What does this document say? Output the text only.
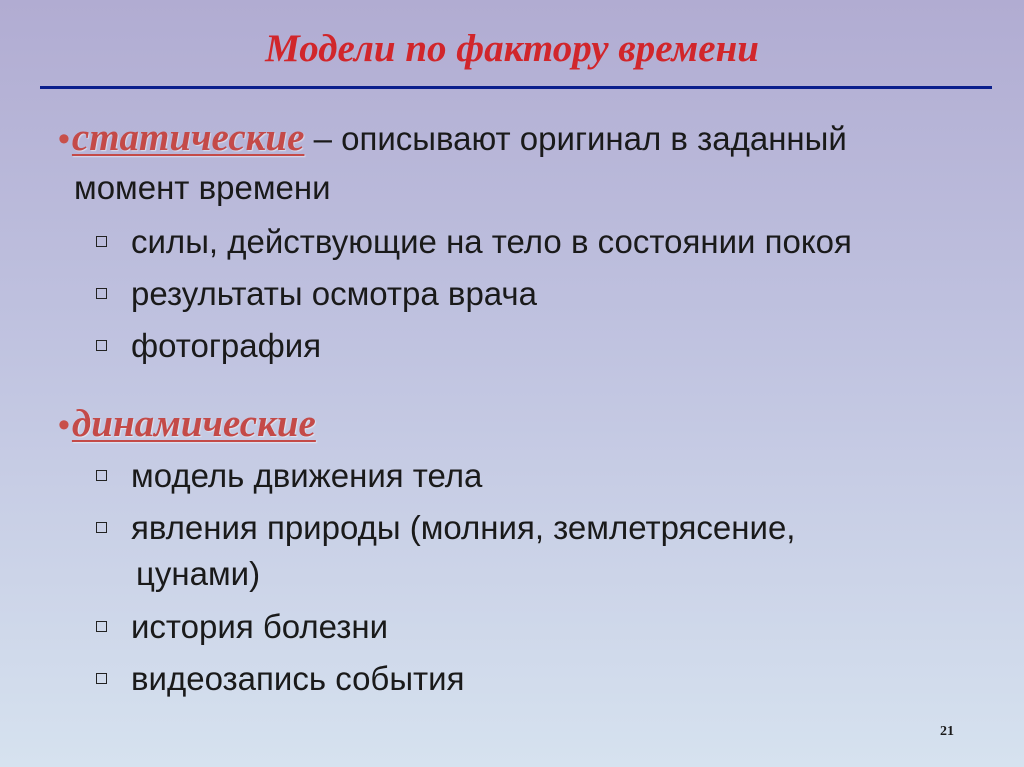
Модели по фактору времени
•статические – описывают оригинал в заданный
момент времени
силы, действующие на тело в состоянии покоя
результаты осмотра врача
фотография
•динамические
модель движения тела
явления природы (молния, землетрясение,
цунами)
история болезни
видеозапись события
21
